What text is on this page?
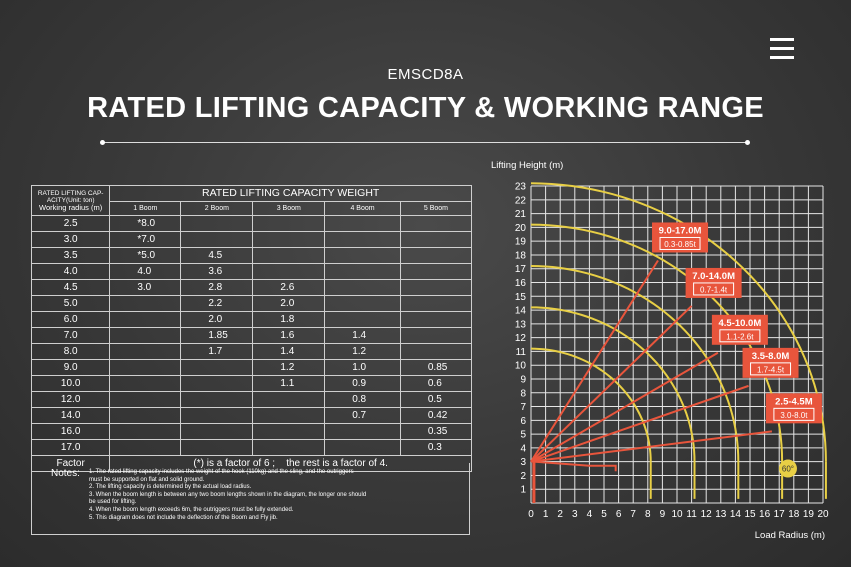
EMSCD8A
RATED LIFTING CAPACITY & WORKING RANGE
RATED LIFTING CAP-
ACITY(Unit: ton)
Working radius (m)	RATED LIFTING CAPACITY WEIGHT				
	1 Boom	2 Boom	3 Boom	4 Boom	5 Boom
2.5	*8.0				
3.0	*7.0				
3.5	*5.0	4.5			
4.0	4.0	3.6			
4.5	3.0	2.8	2.6		
5.0		2.2	2.0		
6.0		2.0	1.8		
7.0		1.85	1.6	1.4	
8.0		1.7	1.4	1.2	
9.0			1.2	1.0	0.85
10.0			1.1	0.9	0.6
12.0				0.8	0.5
14.0				0.7	0.42
16.0					0.35
17.0					0.3
Factor	(*) is a factor of 6 ;    the rest is a factor of 4.				
Notes: 1. The rated lifting capacity includes the weight of the hook (110kg) and the sling, and the outriggers
must be supported on flat and solid ground.
2. The lifting capacity is determined by the actual load radius.
3. When the boom length is between any two boom lengths shown in the diagram, the longer one should
be used for lifting.
4. When the boom length exceeds 6m, the outriggers must be fully extended.
5. This diagram does not include the deflection of the Boom and Fly jib.	0 1 2 3 4 5 6 7 8 9 10 11 12 13 14 15 16 17 18 19 20
1
2
3
4
5
6
7
8
9
10
11
12
13
14
15
16
17
18
19
20
21
22
23
Lifting Height (m)
Load Radius (m)
9.0-17.0M
0.3-0.85t
7.0-14.0M
0.7-1.4t
4.5-10.0M
1.1-2.6t
3.5-8.0M
1.7-4.5t
2.5-4.5M
3.0-8.0t
60°
